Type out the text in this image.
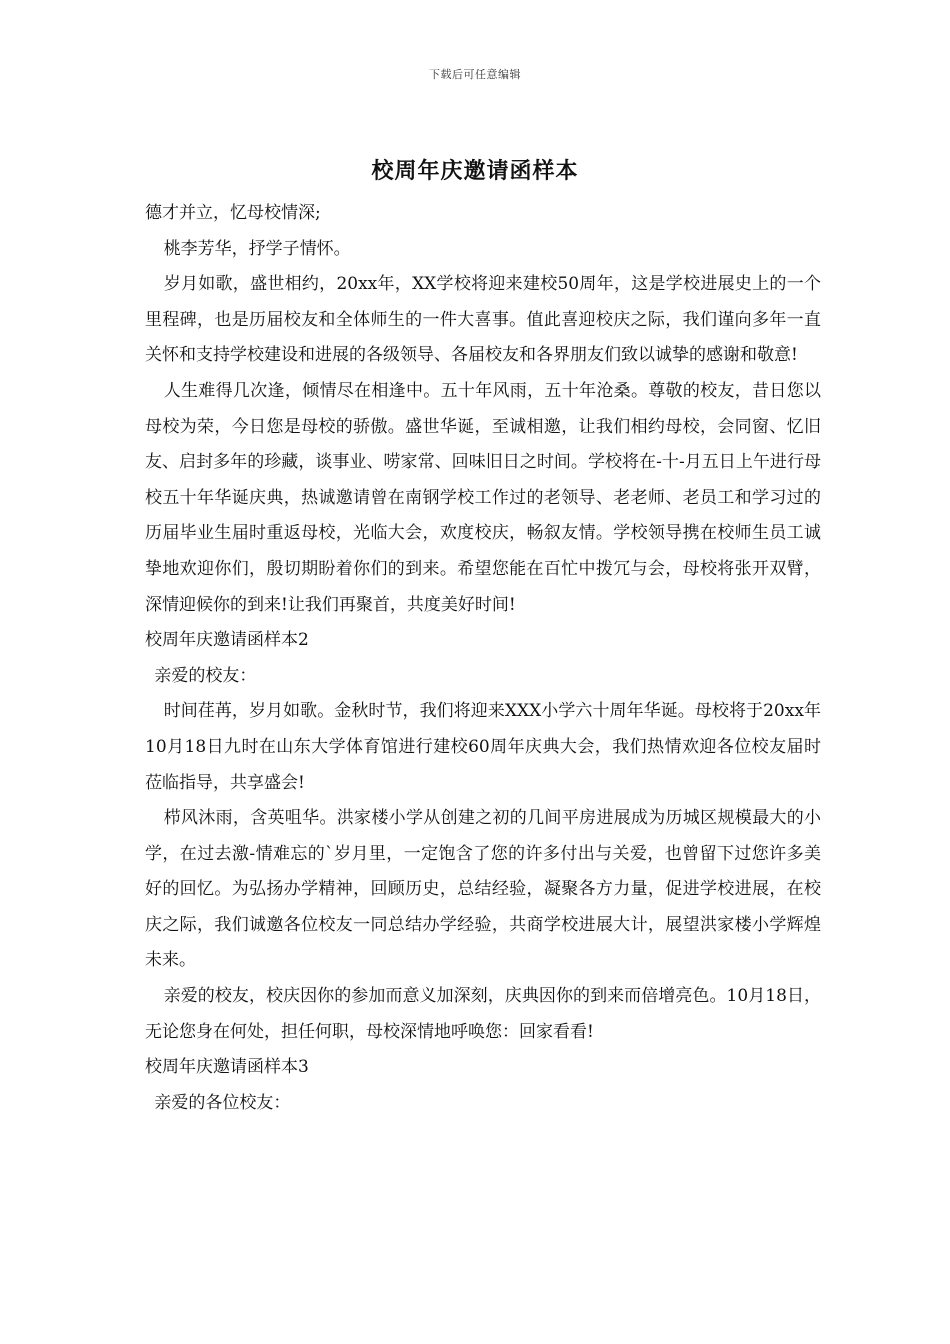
下载后可任意编辑
校周年庆邀请函样本

德才并立，忆母校情深;

桃李芳华，抒学子情怀。

岁月如歌，盛世相约，20xx年，XX学校将迎来建校50周年，这是学校进展史上的一个里程碑，也是历届校友和全体师生的一件大喜事。值此喜迎校庆之际，我们谨向多年一直关怀和支持学校建设和进展的各级领导、各届校友和各界朋友们致以诚挚的感谢和敬意!

人生难得几次逢，倾情尽在相逢中。五十年风雨，五十年沧桑。尊敬的校友，昔日您以母校为荣，今日您是母校的骄傲。盛世华诞，至诚相邀，让我们相约母校，会同窗、忆旧友、启封多年的珍藏，谈事业、唠家常、回味旧日之时间。学校将在-十-月五日上午进行母校五十年华诞庆典，热诚邀请曾在南钢学校工作过的老领导、老老师、老员工和学习过的历届毕业生届时重返母校，光临大会，欢度校庆，畅叙友情。学校领导携在校师生员工诚挚地欢迎你们，殷切期盼着你们的到来。希望您能在百忙中拨冗与会，母校将张开双臂，深情迎候你的到来!让我们再聚首，共度美好时间!

校周年庆邀请函样本2

亲爱的校友：

时间荏苒，岁月如歌。金秋时节，我们将迎来XXX小学六十周年华诞。母校将于20xx年10月18日九时在山东大学体育馆进行建校60周年庆典大会，我们热情欢迎各位校友届时莅临指导，共享盛会!

栉风沐雨，含英咀华。洪家楼小学从创建之初的几间平房进展成为历城区规模最大的小学，在过去激-情难忘的`岁月里，一定饱含了您的许多付出与关爱，也曾留下过您许多美好的回忆。为弘扬办学精神，回顾历史，总结经验，凝聚各方力量，促进学校进展，在校庆之际，我们诚邀各位校友一同总结办学经验，共商学校进展大计，展望洪家楼小学辉煌未来。

亲爱的校友，校庆因你的参加而意义加深刻，庆典因你的到来而倍增亮色。10月18日，无论您身在何处，担任何职，母校深情地呼唤您：回家看看!

校周年庆邀请函样本3

亲爱的各位校友：
